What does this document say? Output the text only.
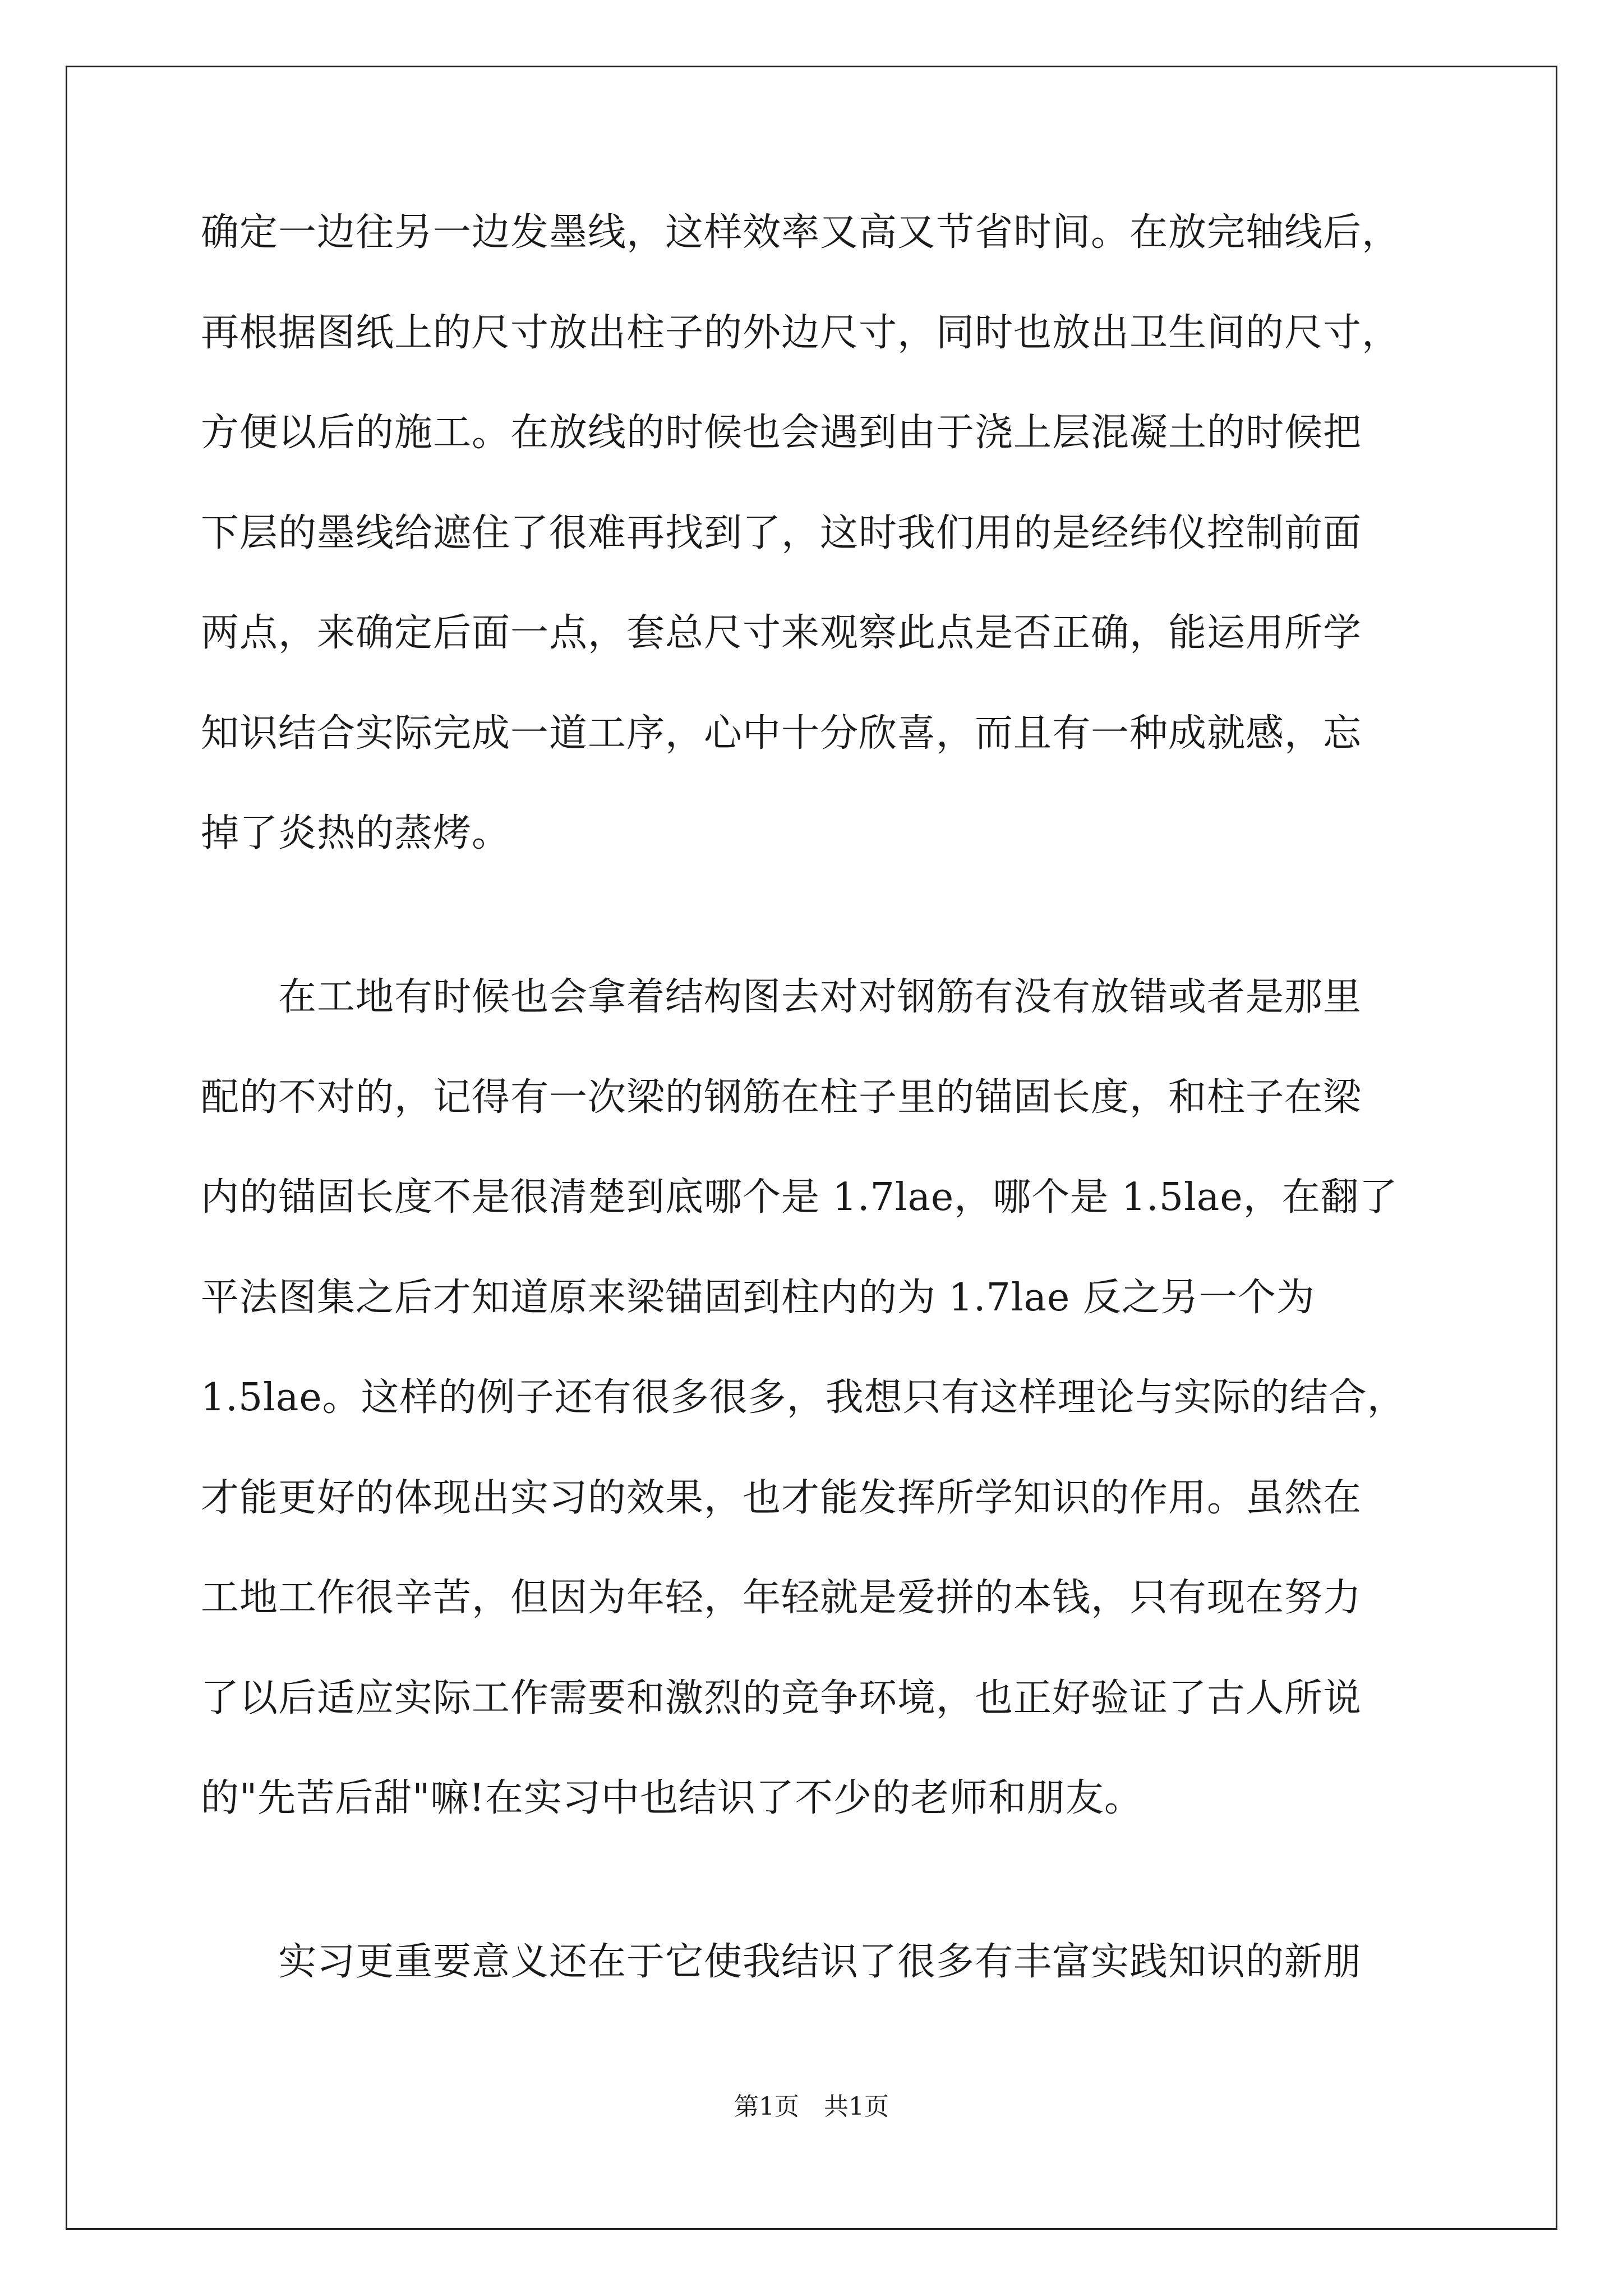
确定一边往另一边发墨线，这样效率又高又节省时间。在放完轴线后，
再根据图纸上的尺寸放出柱子的外边尺寸，同时也放出卫生间的尺寸，
方便以后的施工。在放线的时候也会遇到由于浇上层混凝土的时候把
下层的墨线给遮住了很难再找到了，这时我们用的是经纬仪控制前面
两点，来确定后面一点，套总尺寸来观察此点是否正确，能运用所学
知识结合实际完成一道工序，心中十分欣喜，而且有一种成就感，忘
掉了炎热的蒸烤。
　　在工地有时候也会拿着结构图去对对钢筋有没有放错或者是那里
配的不对的，记得有一次梁的钢筋在柱子里的锚固长度，和柱子在梁
内的锚固长度不是很清楚到底哪个是 1.7lae，哪个是 1.5lae，在翻了
平法图集之后才知道原来梁锚固到柱内的为 1.7lae 反之另一个为
1.5lae。这样的例子还有很多很多，我想只有这样理论与实际的结合，
才能更好的体现出实习的效果，也才能发挥所学知识的作用。虽然在
工地工作很辛苦，但因为年轻，年轻就是爱拼的本钱，只有现在努力
了以后适应实际工作需要和激烈的竞争环境，也正好验证了古人所说
的"先苦后甜"嘛!在实习中也结识了不少的老师和朋友。
　　实习更重要意义还在于它使我结识了很多有丰富实践知识的新朋
第1页　共1页
